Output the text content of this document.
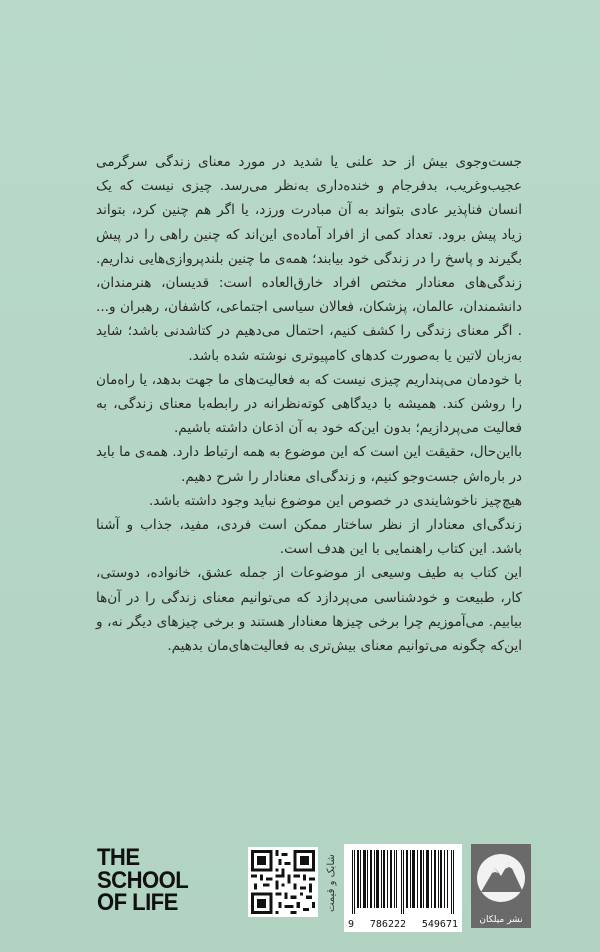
جست‌وجوی بیش از حد علنی یا شدید در مورد معنای زندگی سرگرمی عجیب‌وغریب، بدفرجام و خنده‌داری به‌نظر می‌رسد. چیزی نیست که یک انسان فناپذیر عادی بتواند به آن مبادرت ورزد، یا اگر هم چنین کرد، بتواند زیاد پیش برود. تعداد کمی از افراد آماده‌ی این‌اند که چنین راهی را در پیش بگیرند و پاسخ را در زندگی خود بیابند؛ همه‌ی ما چنین بلندپروازی‌هایی نداریم. زندگی‌های معنادار مختص افراد خارق‌العاده است: قدیسان، هنرمندان، دانشمندان، عالمان، پزشکان، فعالان سیاسی اجتماعی، کاشفان، رهبران و... . اگر معنای زندگی را کشف کنیم، احتمال می‌دهیم در کتاشدنی باشد؛ شاید به‌زبان لاتین یا به‌صورت کدهای کامپیوتری نوشته شده باشد.

با خودمان می‌پنداریم چیزی نیست که به فعالیت‌های ما جهت بدهد، یا راه‌مان را روشن کند. همیشه با دیدگاهی کوته‌نظرانه در رابطه‌با معنای زندگی، به فعالیت می‌پردازیم؛ بدون این‌که خود به آن اذعان داشته باشیم.

بااین‌حال، حقیقت این است که این موضوع به همه ارتباط دارد. همه‌ی ما باید در باره‌اش جست‌وجو کنیم، و زندگی‌ای معنادار را شرح دهیم.

هیچ‌چیز ناخوشایندی در خصوص این موضوع نباید وجود داشته باشد.

زندگی‌ای معنادار از نظر ساختار ممکن است فردی، مفید، جذاب و آشنا باشد. این کتاب راهنمایی با این هدف است.

این کتاب به طیف وسیعی از موضوعات از جمله عشق، خانواده، دوستی، کار، طبیعت و خودشناسی می‌پردازد که می‌توانیم معنای زندگی را در آن‌ها بیابیم. می‌آموزیم چرا برخی چیزها معنادار هستند و برخی چیزهای دیگر نه، و این‌که چگونه می‌توانیم معنای بیش‌تری به فعالیت‌های‌مان بدهیم.

THE
SCHOOL
OF LIFE	شابک و قیمت
9 786222 549671	نشر میلکان
